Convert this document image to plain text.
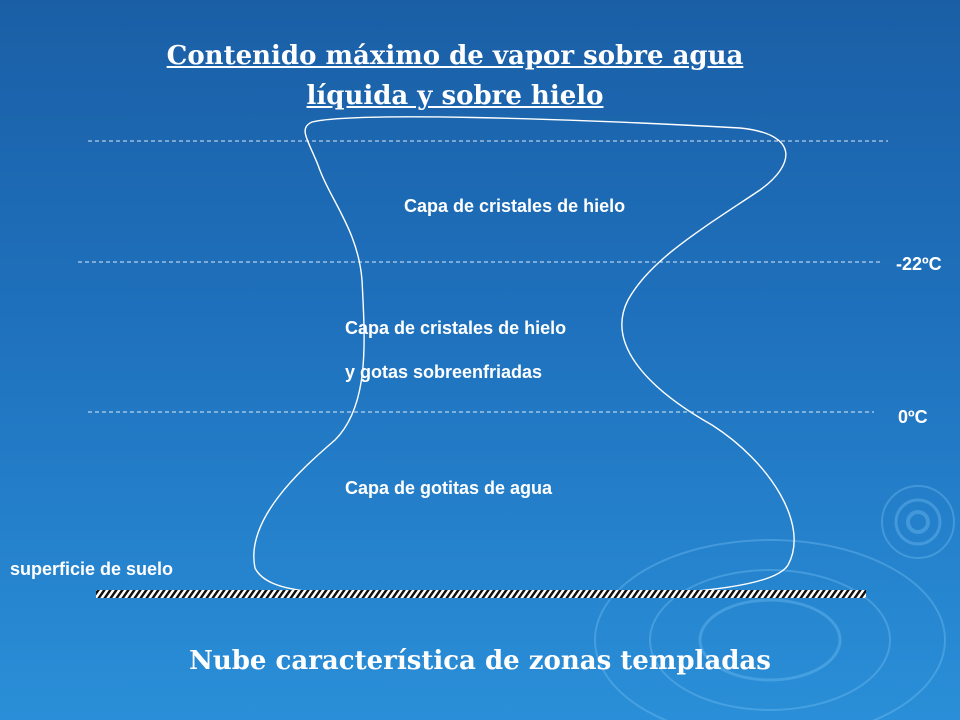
Contenido máximo de vapor sobre agua
líquida y sobre hielo
Capa de cristales de hielo
-22ºC
Capa de cristales de hielo
y gotas sobreenfriadas
0ºC
Capa de gotitas de agua
superficie de suelo
Nube característica de zonas templadas
